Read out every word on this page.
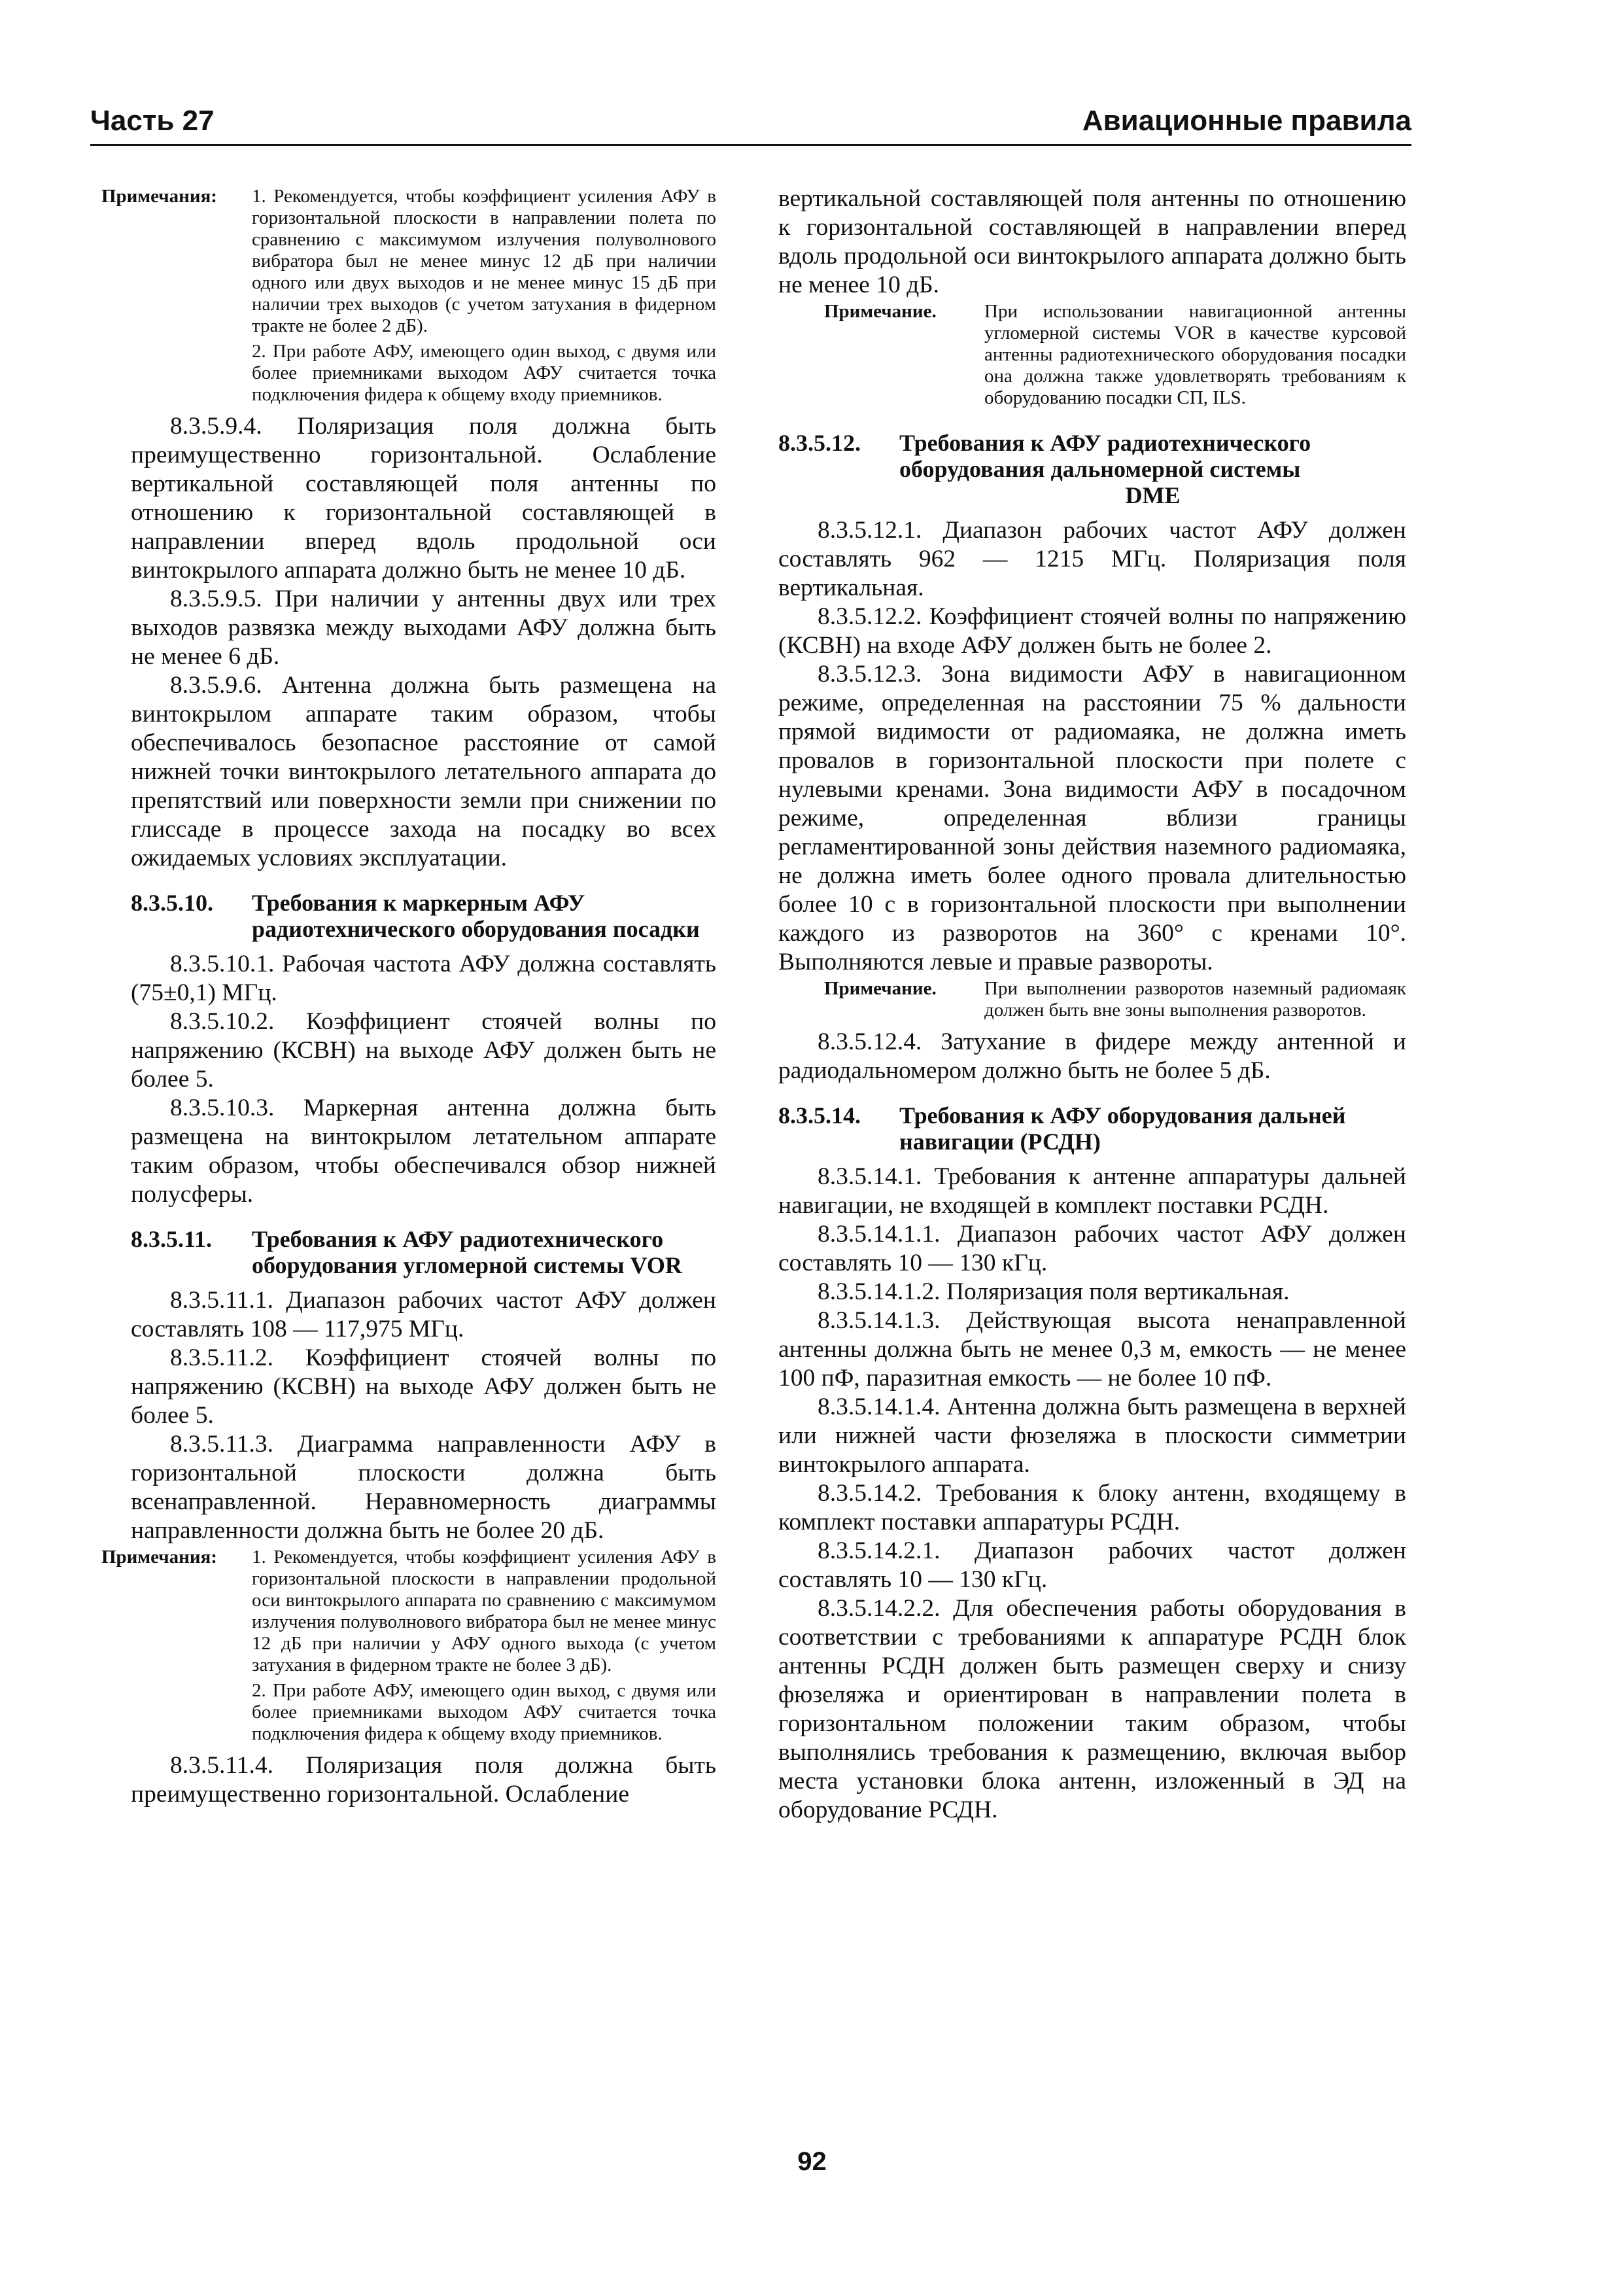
Часть 27	Авиационные правила
Примечания:	1. Рекомендуется, чтобы коэффициент усиления АФУ в горизонтальной плоскости в направлении полета по сравнению с максимумом излучения полуволнового вибратора был не менее минус 12 дБ при наличии одного или двух выходов и не менее минус 15 дБ при наличии трех выходов (с учетом затухания в фидерном тракте не более 2 дБ).

2. При работе АФУ, имеющего один выход, с двумя или более приемниками выходом АФУ считается точка подключения фидера к общему входу приемников.

8.3.5.9.4. Поляризация поля должна быть преимущественно горизонтальной. Ослабление вертикальной составляющей поля антенны по отношению к горизонтальной составляющей в направлении вперед вдоль продольной оси винтокрылого аппарата должно быть не менее 10 дБ.

8.3.5.9.5. При наличии у антенны двух или трех выходов развязка между выходами АФУ должна быть не менее 6 дБ.

8.3.5.9.6. Антенна должна быть размещена на винтокрылом аппарате таким образом, чтобы обеспечивалось безопасное расстояние от самой нижней точки винтокрылого летательного аппарата до препятствий или поверхности земли при снижении по глиссаде в процессе захода на посадку во всех ожидаемых условиях эксплуатации.

8.3.5.10.	Требования к маркерным АФУ радиотехнического оборудования посадки

8.3.5.10.1. Рабочая частота АФУ должна составлять (75±0,1) МГц.

8.3.5.10.2. Коэффициент стоячей волны по напряжению (КСВН) на выходе АФУ должен быть не более 5.

8.3.5.10.3. Маркерная антенна должна быть размещена на винтокрылом летательном аппарате таким образом, чтобы обеспечивался обзор нижней полусферы.

8.3.5.11.	Требования к АФУ радиотехнического оборудования угломерной системы VOR

8.3.5.11.1. Диапазон рабочих частот АФУ должен составлять 108 — 117,975 МГц.

8.3.5.11.2. Коэффициент стоячей волны по напряжению (КСВН) на выходе АФУ должен быть не более 5.

8.3.5.11.3. Диаграмма направленности АФУ в горизонтальной плоскости должна быть всенаправленной. Неравномерность диаграммы направленности должна быть не более 20 дБ.

Примечания:	1. Рекомендуется, чтобы коэффициент усиления АФУ в горизонтальной плоскости в направлении продольной оси винтокрылого аппарата по сравнению с максимумом излучения полуволнового вибратора был не менее минус 12 дБ при наличии у АФУ одного выхода (с учетом затухания в фидерном тракте не более 3 дБ).

2. При работе АФУ, имеющего один выход, с двумя или более приемниками выходом АФУ считается точка подключения фидера к общему входу приемников.

8.3.5.11.4. Поляризация поля должна быть преимущественно горизонтальной. Ослабление

вертикальной составляющей поля антенны по отношению к горизонтальной составляющей в направлении вперед вдоль продольной оси винтокрылого аппарата должно быть не менее 10 дБ.

Примечание.	При использовании навигационной антенны угломерной системы VOR в качестве курсовой антенны радиотехнического оборудования посадки она должна также удовлетворять требованиям к оборудованию посадки СП, ILS.

8.3.5.12.	Требования к АФУ радиотехнического оборудования дальномерной системы
DME

8.3.5.12.1. Диапазон рабочих частот АФУ должен составлять 962 — 1215 МГц. Поляризация поля вертикальная.

8.3.5.12.2. Коэффициент стоячей волны по напряжению (КСВН) на входе АФУ должен быть не более 2.

8.3.5.12.3. Зона видимости АФУ в навигационном режиме, определенная на расстоянии 75 % дальности прямой видимости от радиомаяка, не должна иметь провалов в горизонтальной плоскости при полете с нулевыми кренами. Зона видимости АФУ в посадочном режиме, определенная вблизи границы регламентированной зоны действия наземного радиомаяка, не должна иметь более одного провала длительностью более 10 с в горизонтальной плоскости при выполнении каждого из разворотов на 360° с кренами 10°. Выполняются левые и правые развороты.

Примечание.	При выполнении разворотов наземный радиомаяк должен быть вне зоны выполнения разворотов.

8.3.5.12.4. Затухание в фидере между антенной и радиодальномером должно быть не более 5 дБ.

8.3.5.14.	Требования к АФУ оборудования дальней навигации (РСДН)

8.3.5.14.1. Требования к антенне аппаратуры дальней навигации, не входящей в комплект поставки РСДН.

8.3.5.14.1.1. Диапазон рабочих частот АФУ должен составлять 10 — 130 кГц.

8.3.5.14.1.2. Поляризация поля вертикальная.

8.3.5.14.1.3. Действующая высота ненаправленной антенны должна быть не менее 0,3 м, емкость — не менее 100 пФ, паразитная емкость — не более 10 пФ.

8.3.5.14.1.4. Антенна должна быть размещена в верхней или нижней части фюзеляжа в плоскости симметрии винтокрылого аппарата.

8.3.5.14.2. Требования к блоку антенн, входящему в комплект поставки аппаратуры РСДН.

8.3.5.14.2.1. Диапазон рабочих частот должен составлять 10 — 130 кГц.

8.3.5.14.2.2. Для обеспечения работы оборудования в соответствии с требованиями к аппаратуре РСДН блок антенны РСДН должен быть размещен сверху и снизу фюзеляжа и ориентирован в направлении полета в горизонтальном положении таким образом, чтобы выполнялись требования к размещению, включая выбор места установки блока антенн, изложенный в ЭД на оборудование РСДН.

92
